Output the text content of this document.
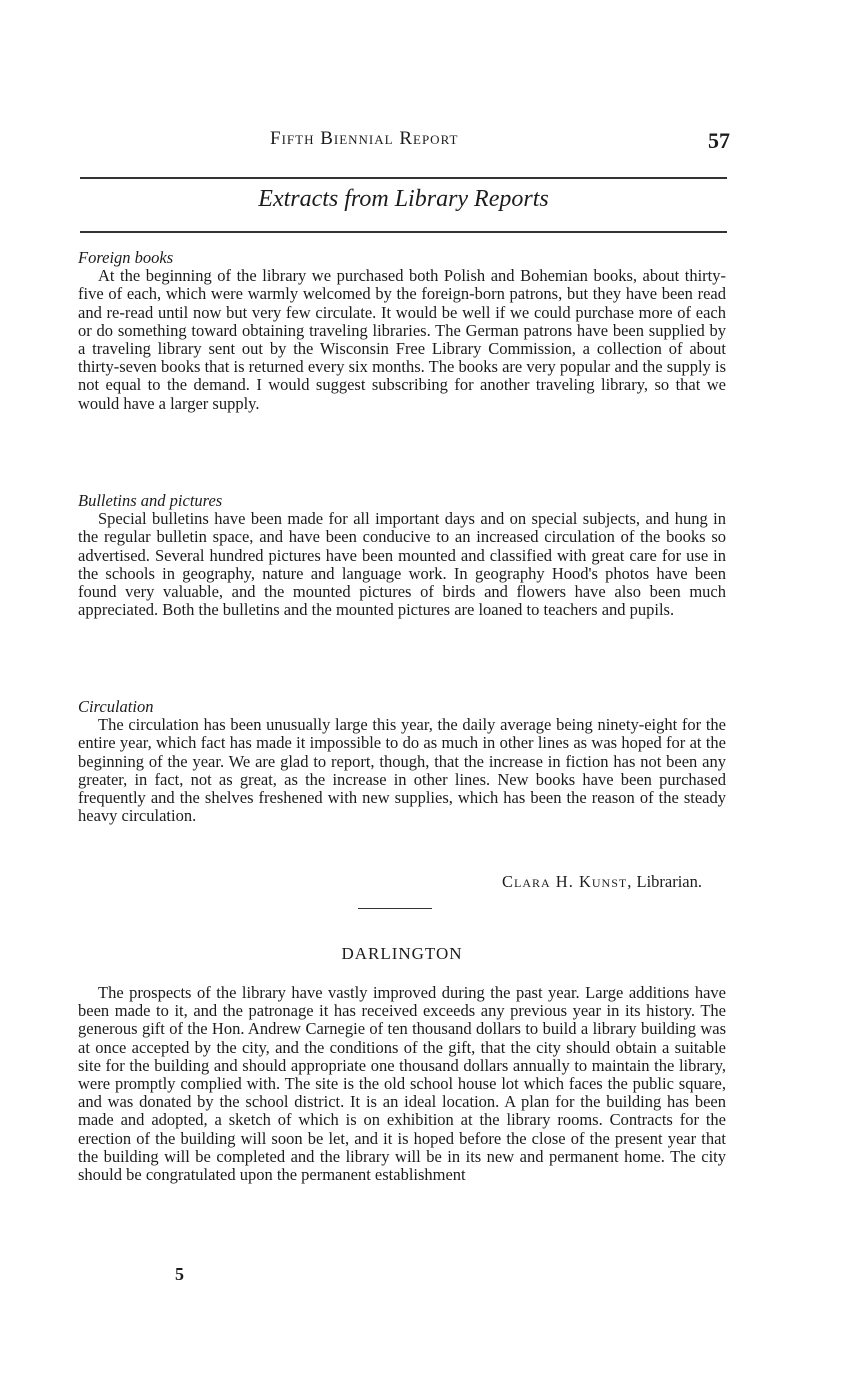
Fifth Biennial Report	57
Extracts from Library Reports
Foreign books

At the beginning of the library we purchased both Polish and Bohemian books, about thirty-five of each, which were warmly welcomed by the foreign-born patrons, but they have been read and re-read until now but very few circulate. It would be well if we could purchase more of each or do something toward obtaining traveling libraries. The German patrons have been supplied by a traveling library sent out by the Wisconsin Free Library Commission, a collection of about thirty-seven books that is returned every six months. The books are very popular and the supply is not equal to the demand. I would suggest subscribing for another traveling library, so that we would have a larger supply.

Bulletins and pictures

Special bulletins have been made for all important days and on special subjects, and hung in the regular bulletin space, and have been conducive to an increased circulation of the books so advertised. Several hundred pictures have been mounted and classified with great care for use in the schools in geography, nature and language work. In geography Hood's photos have been found very valuable, and the mounted pictures of birds and flowers have also been much appreciated. Both the bulletins and the mounted pictures are loaned to teachers and pupils.

Circulation

The circulation has been unusually large this year, the daily average being ninety-eight for the entire year, which fact has made it impossible to do as much in other lines as was hoped for at the beginning of the year. We are glad to report, though, that the increase in fiction has not been any greater, in fact, not as great, as the increase in other lines. New books have been purchased frequently and the shelves freshened with new supplies, which has been the reason of the steady heavy circulation.

Clara H. Kunst, Librarian.
DARLINGTON

The prospects of the library have vastly improved during the past year. Large additions have been made to it, and the patronage it has received exceeds any previous year in its history. The generous gift of the Hon. Andrew Carnegie of ten thousand dollars to build a library building was at once accepted by the city, and the conditions of the gift, that the city should obtain a suitable site for the building and should appropriate one thousand dollars annually to maintain the library, were promptly complied with. The site is the old school house lot which faces the public square, and was donated by the school district. It is an ideal location. A plan for the building has been made and adopted, a sketch of which is on exhibition at the library rooms. Contracts for the erection of the building will soon be let, and it is hoped before the close of the present year that the building will be completed and the library will be in its new and permanent home. The city should be congratulated upon the permanent establishment

5
